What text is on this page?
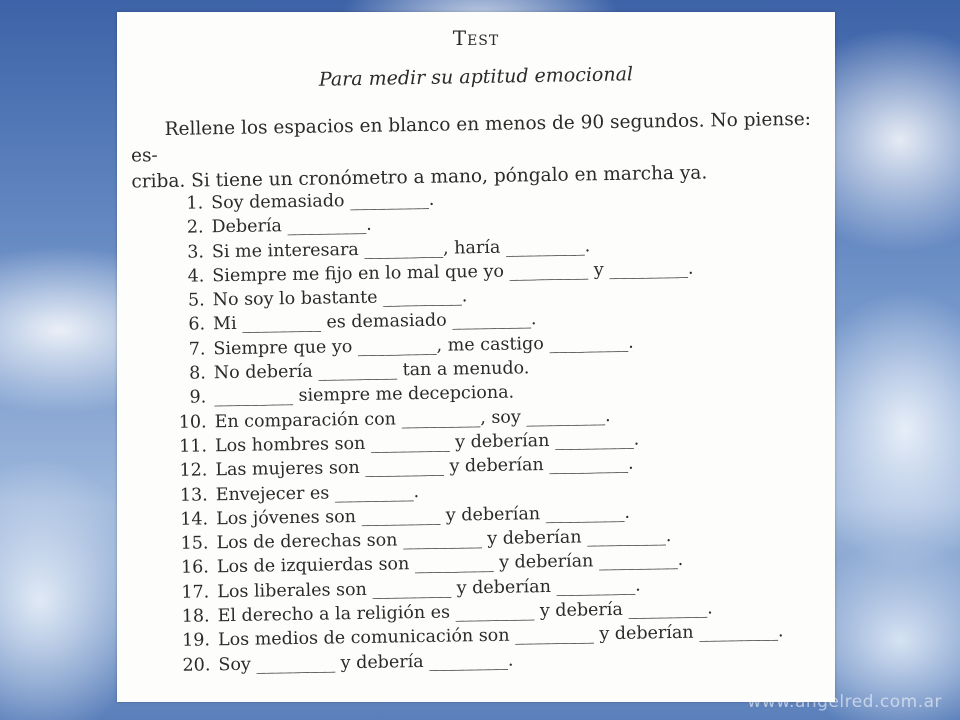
Test
Para medir su aptitud emocional
Rellene los espacios en blanco en menos de 90 segundos. No piense: es-
criba. Si tiene un cronómetro a mano, póngalo en marcha ya.
1. Soy demasiado _________.
2. Debería _________.
3. Si me interesara _________, haría _________.
4. Siempre me fijo en lo mal que yo _________ y _________.
5. No soy lo bastante _________.
6. Mi _________ es demasiado _________.
7. Siempre que yo _________, me castigo _________.
8. No debería _________ tan a menudo.
9. _________ siempre me decepciona.
10. En comparación con _________, soy _________.
11. Los hombres son _________ y deberían _________.
12. Las mujeres son _________ y deberían _________.
13. Envejecer es _________.
14. Los jóvenes son _________ y deberían _________.
15. Los de derechas son _________ y deberían _________.
16. Los de izquierdas son _________ y deberían _________.
17. Los liberales son _________ y deberían _________.
18. El derecho a la religión es _________ y debería _________.
19. Los medios de comunicación son _________ y deberían _________.
20. Soy _________ y debería _________.
www.angelred.com.ar
